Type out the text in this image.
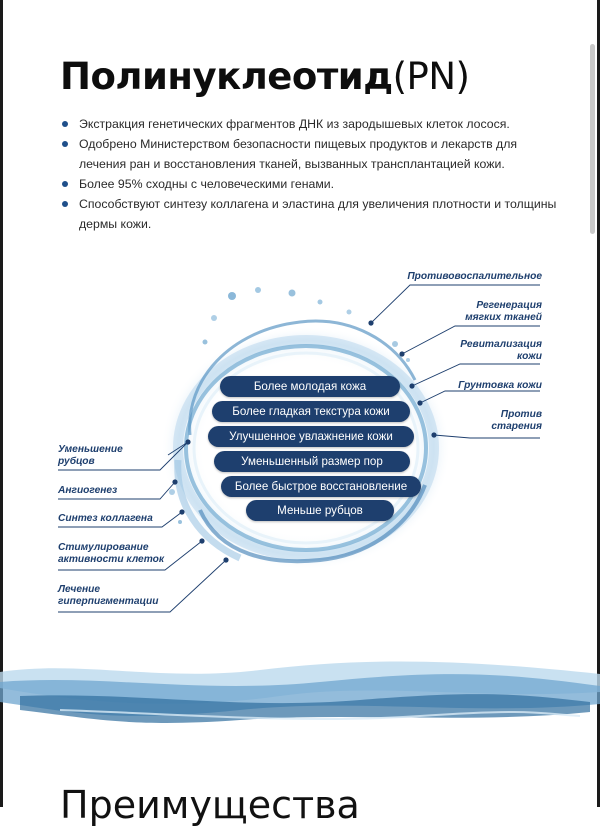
Полинуклеотид(PN)
Экстракция генетических фрагментов ДНК из зародышевых клеток лосося.
Одобрено Министерством безопасности пищевых продуктов и лекарств для лечения ран и восстановления тканей, вызванных трансплантацией кожи.
Более 95% сходны с человеческими генами.
Способствуют синтезу коллагена и эластина для увеличения плотности и толщины дермы кожи.
Более молодая кожа
Более гладкая текстура кожи
Улучшенное увлажнение кожи
Уменьшенный размер пор
Более быстрое восстановление
Меньше рубцов
Противовоспалительное
Регенерация мягких тканей
Ревитализация кожи
Грунтовка кожи
Против старения
Уменьшение рубцов
Ангиогенез
Синтез коллагена
Стимулирование активности клеток
Лечение гиперпигментации
Преимущества
